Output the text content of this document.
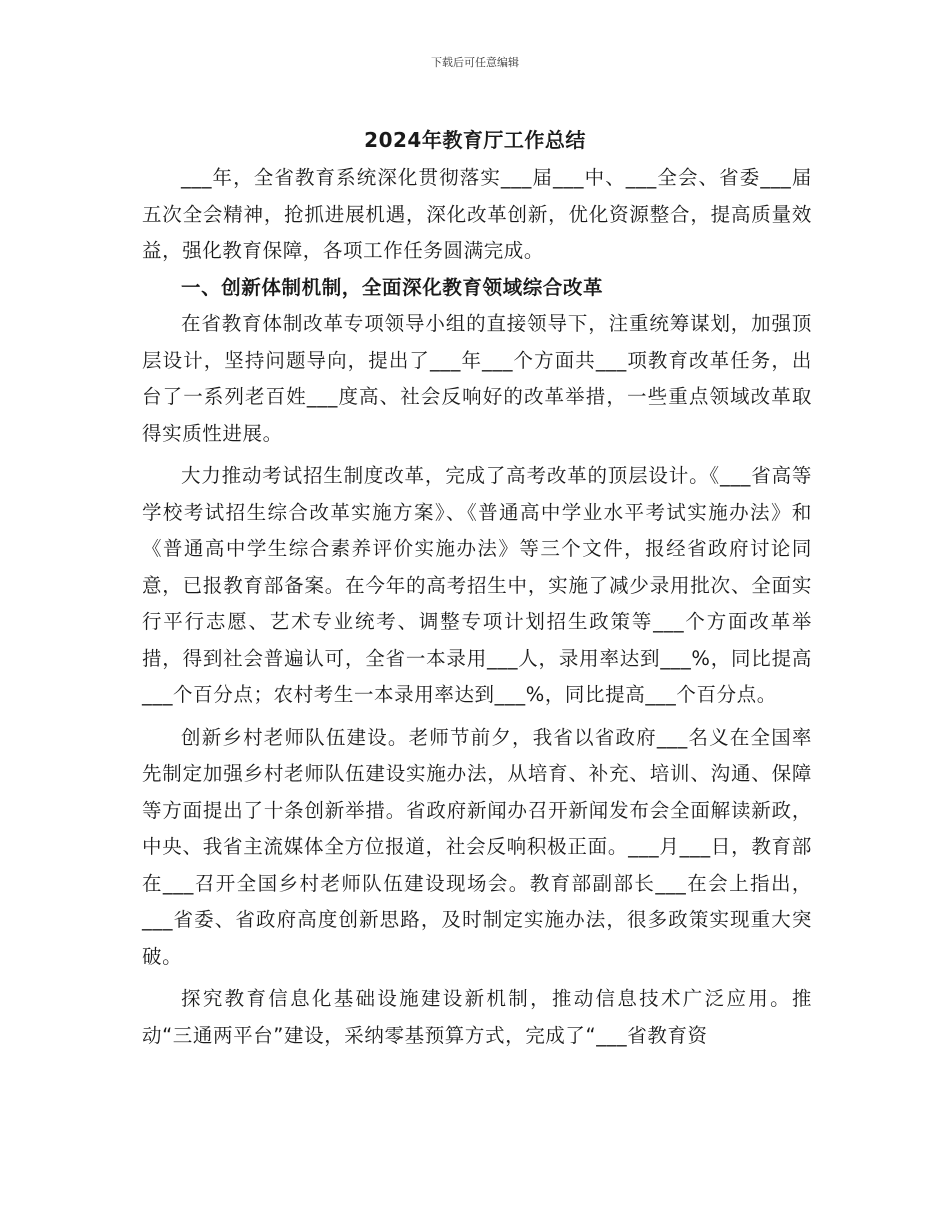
下载后可任意编辑
2024年教育厅工作总结

___年，全省教育系统深化贯彻落实___届___中、___全会、省委___届五次全会精神，抢抓进展机遇，深化改革创新，优化资源整合，提高质量效益，强化教育保障，各项工作任务圆满完成。

一、创新体制机制，全面深化教育领域综合改革

在省教育体制改革专项领导小组的直接领导下，注重统筹谋划，加强顶层设计，坚持问题导向，提出了___年___个方面共___项教育改革任务，出台了一系列老百姓___度高、社会反响好的改革举措，一些重点领域改革取得实质性进展。

大力推动考试招生制度改革，完成了高考改革的顶层设计。《___省高等学校考试招生综合改革实施方案》、《普通高中学业水平考试实施办法》和《普通高中学生综合素养评价实施办法》等三个文件，报经省政府讨论同意，已报教育部备案。在今年的高考招生中，实施了减少录用批次、全面实行平行志愿、艺术专业统考、调整专项计划招生政策等___个方面改革举措，得到社会普遍认可，全省一本录用___人，录用率达到___%，同比提高___个百分点；农村考生一本录用率达到___%，同比提高___个百分点。

创新乡村老师队伍建设。老师节前夕，我省以省政府___名义在全国率先制定加强乡村老师队伍建设实施办法，从培育、补充、培训、沟通、保障等方面提出了十条创新举措。省政府新闻办召开新闻发布会全面解读新政，中央、我省主流媒体全方位报道，社会反响积极正面。___月___日，教育部在___召开全国乡村老师队伍建设现场会。教育部副部长___在会上指出，___省委、省政府高度创新思路，及时制定实施办法，很多政策实现重大突破。

探究教育信息化基础设施建设新机制，推动信息技术广泛应用。推动“三通两平台”建设，采纳零基预算方式，完成了“___省教育资
